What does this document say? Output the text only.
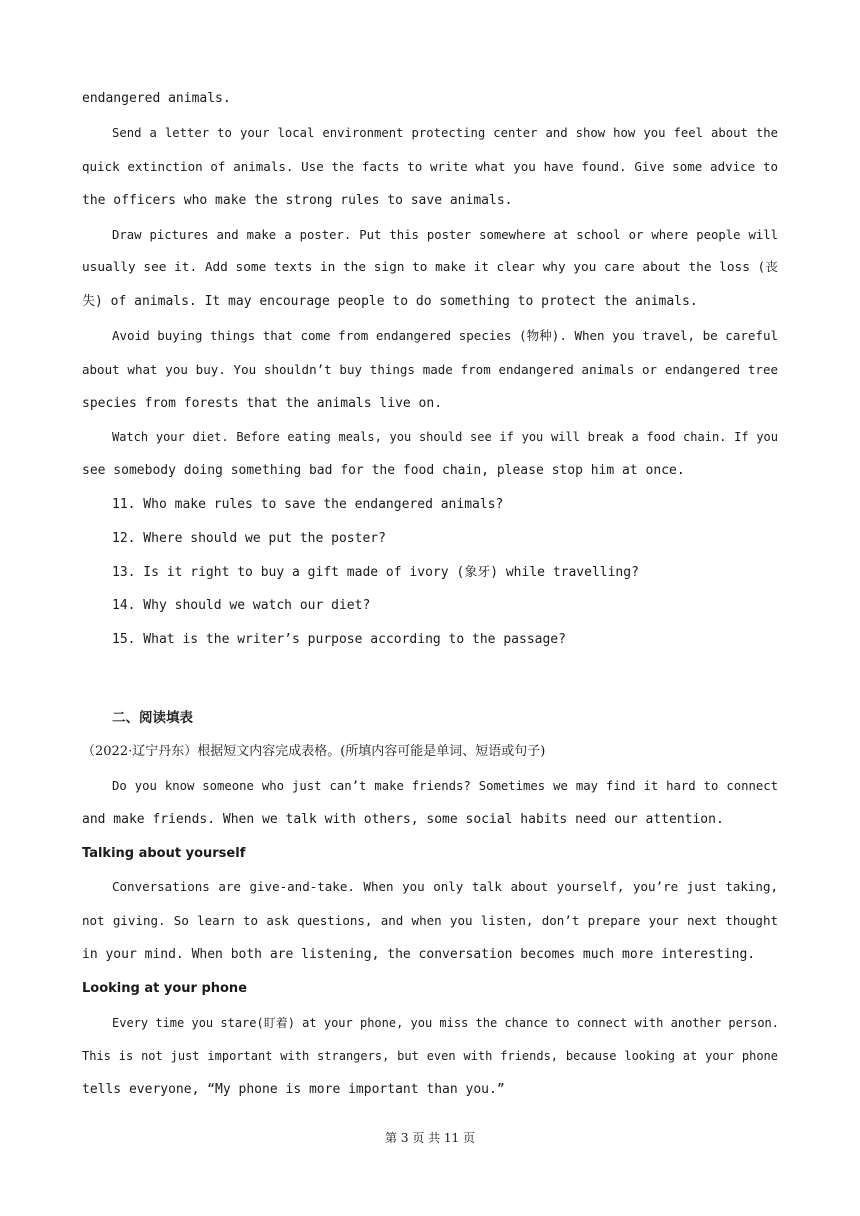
endangered animals.
Send a letter to your local environment protecting center and show how you feel about the
quick extinction of animals. Use the facts to write what you have found. Give some advice to
the officers who make the strong rules to save animals.
Draw pictures and make a poster. Put this poster somewhere at school or where people will
usually see it. Add some texts in the sign to make it clear why you care about the loss (丧
失) of animals. It may encourage people to do something to protect the animals.
Avoid buying things that come from endangered species (物种). When you travel, be careful
about what you buy. You shouldn’t buy things made from endangered animals or endangered tree
species from forests that the animals live on.
Watch your diet. Before eating meals, you should see if you will break a food chain. If you
see somebody doing something bad for the food chain, please stop him at once.
11. Who make rules to save the endangered animals?
12. Where should we put the poster?
13. Is it right to buy a gift made of ivory (象牙) while travelling?
14. Why should we watch our diet?
15. What is the writer’s purpose according to the passage?
二、阅读填表
（2022·辽宁丹东）根据短文内容完成表格。(所填内容可能是单词、短语或句子)
Do you know someone who just can’t make friends? Sometimes we may find it hard to connect
and make friends. When we talk with others, some social habits need our attention.
Talking about yourself
Conversations are give-and-take. When you only talk about yourself, you’re just taking,
not giving. So learn to ask questions, and when you listen, don’t prepare your next thought
in your mind. When both are listening, the conversation becomes much more interesting.
Looking at your phone
Every time you stare(盯着) at your phone, you miss the chance to connect with another person.
This is not just important with strangers, but even with friends, because looking at your phone
tells everyone, “My phone is more important than you.”
第 3 页 共 11 页
